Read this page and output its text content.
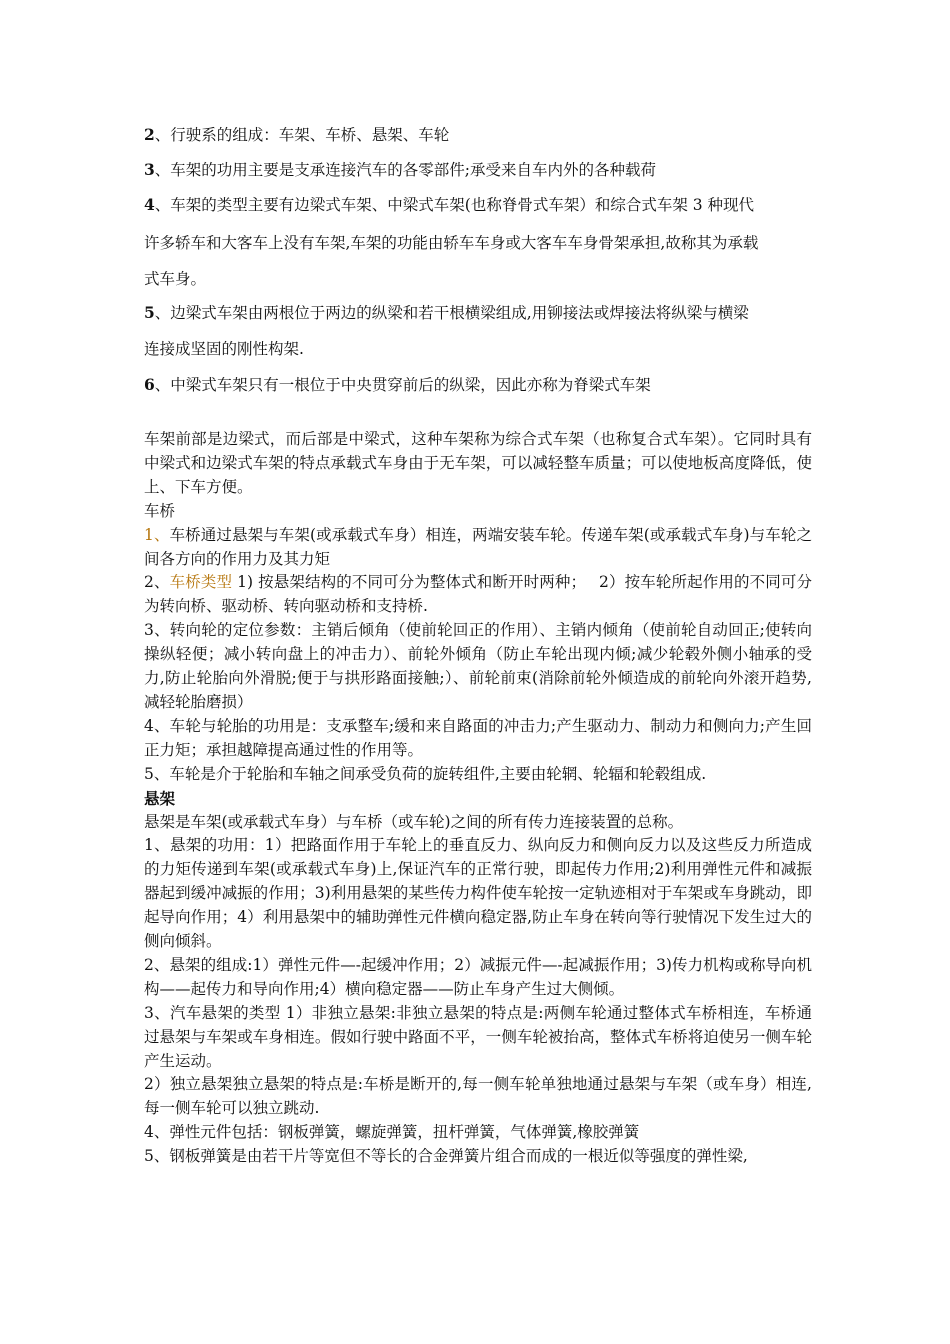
2、行驶系的组成：车架、车桥、悬架、车轮

3、车架的功用主要是支承连接汽车的各零部件;承受来自车内外的各种载荷

4、车架的类型主要有边梁式车架、中梁式车架(也称脊骨式车架）和综合式车架 3 种现代

许多轿车和大客车上没有车架,车架的功能由轿车车身或大客车车身骨架承担,故称其为承载

式车身。

5、边梁式车架由两根位于两边的纵梁和若干根横梁组成,用铆接法或焊接法将纵梁与横梁

连接成坚固的刚性构架.

6、中梁式车架只有一根位于中央贯穿前后的纵梁，因此亦称为脊梁式车架

车架前部是边梁式，而后部是中梁式，这种车架称为综合式车架（也称复合式车架）。它同时具有中梁式和边梁式车架的特点承载式车身由于无车架，可以减轻整车质量；可以使地板高度降低，使上、下车方便。

车桥

1、车桥通过悬架与车架(或承载式车身）相连，两端安装车轮。传递车架(或承载式车身)与车轮之间各方向的作用力及其力矩

2、车桥类型 1) 按悬架结构的不同可分为整体式和断开时两种；　 2）按车轮所起作用的不同可分为转向桥、驱动桥、转向驱动桥和支持桥.

3、转向轮的定位参数：主销后倾角（使前轮回正的作用）、主销内倾角（使前轮自动回正;使转向操纵轻便；减小转向盘上的冲击力）、前轮外倾角（防止车轮出现内倾;减少轮毂外侧小轴承的受力,防止轮胎向外滑脱;便于与拱形路面接触;）、前轮前束(消除前轮外倾造成的前轮向外滚开趋势,减轻轮胎磨损）

4、车轮与轮胎的功用是：支承整车;缓和来自路面的冲击力;产生驱动力、制动力和侧向力;产生回正力矩；承担越障提高通过性的作用等。

5、车轮是介于轮胎和车轴之间承受负荷的旋转组件,主要由轮辋、轮辐和轮毂组成.

悬架

悬架是车架(或承载式车身）与车桥（或车轮)之间的所有传力连接装置的总称。

1、悬架的功用：1）把路面作用于车轮上的垂直反力、纵向反力和侧向反力以及这些反力所造成的力矩传递到车架(或承载式车身)上,保证汽车的正常行驶，即起传力作用;2)利用弹性元件和减振器起到缓冲减振的作用；3)利用悬架的某些传力构件使车轮按一定轨迹相对于车架或车身跳动，即起导向作用；4）利用悬架中的辅助弹性元件横向稳定器,防止车身在转向等行驶情况下发生过大的侧向倾斜。

2、悬架的组成:1）弹性元件—-起缓冲作用；2）减振元件—-起减振作用；3)传力机构或称导向机构——起传力和导向作用;4）横向稳定器——防止车身产生过大侧倾。

3、汽车悬架的类型 1）非独立悬架:非独立悬架的特点是:两侧车轮通过整体式车桥相连，车桥通过悬架与车架或车身相连。假如行驶中路面不平，一侧车轮被抬高，整体式车桥将迫使另一侧车轮产生运动。

2）独立悬架独立悬架的特点是:车桥是断开的,每一侧车轮单独地通过悬架与车架（或车身）相连,每一侧车轮可以独立跳动.

4、弹性元件包括：钢板弹簧，螺旋弹簧，扭杆弹簧，气体弹簧,橡胶弹簧

5、钢板弹簧是由若干片等宽但不等长的合金弹簧片组合而成的一根近似等强度的弹性梁,
